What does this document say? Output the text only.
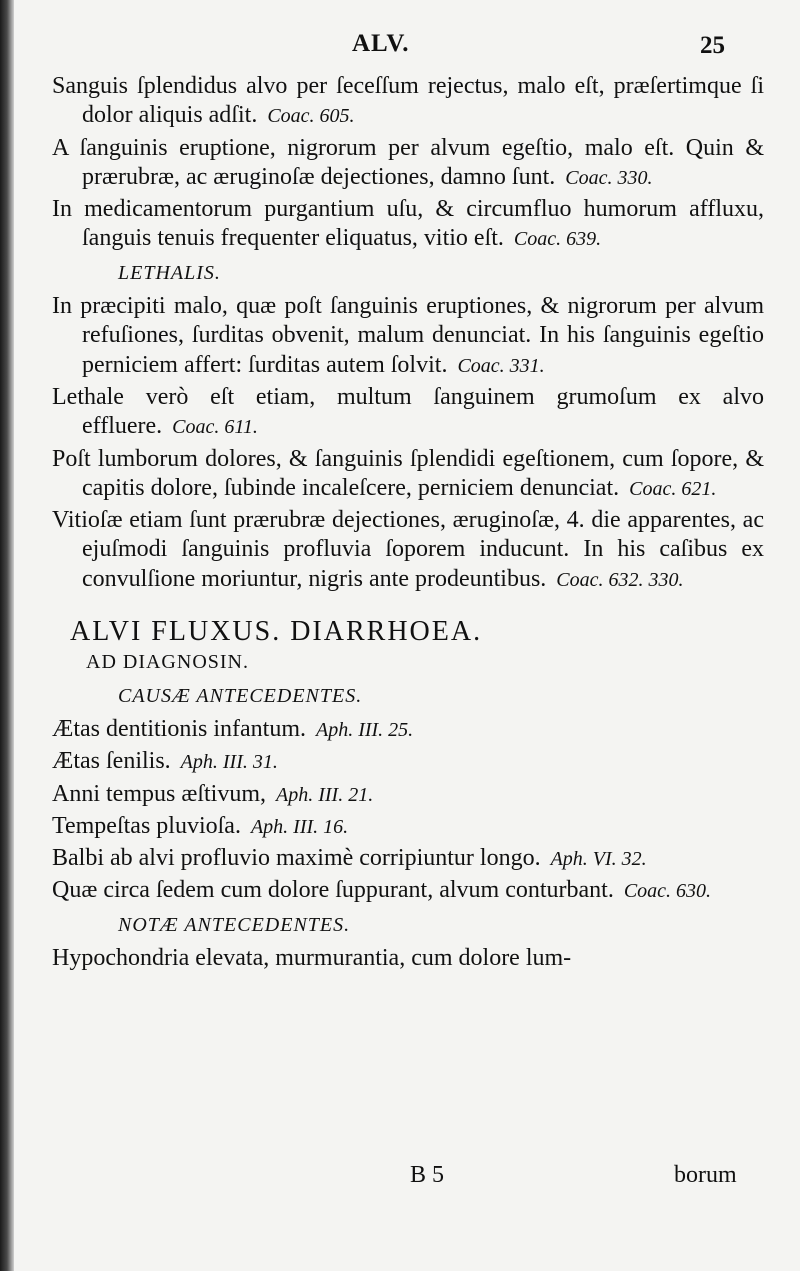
ALV.	25

Sanguis ſplendidus alvo per ſeceſſum rejectus, malo eſt, præſertimque ſi dolor aliquis adſit. Coac. 605.

A ſanguinis eruptione, nigrorum per alvum egeſtio, malo eſt. Quin & prærubræ, ac æruginoſæ dejectiones, damno ſunt. Coac. 330.

In medicamentorum purgantium uſu, & circumfluo humorum affluxu, ſanguis tenuis frequenter eliquatus, vitio eſt. Coac. 639.

LETHALIS.

In præcipiti malo, quæ poſt ſanguinis eruptiones, & nigrorum per alvum refuſiones, ſurditas obvenit, malum denunciat. In his ſanguinis egeſtio perniciem affert: ſurditas autem ſolvit. Coac. 331.

Lethale verò eſt etiam, multum ſanguinem grumoſum ex alvo effluere. Coac. 611.

Poſt lumborum dolores, & ſanguinis ſplendidi egeſtionem, cum ſopore, & capitis dolore, ſubinde incaleſcere, perniciem denunciat. Coac. 621.

Vitioſæ etiam ſunt prærubræ dejectiones, æruginoſæ, 4. die apparentes, ac ejuſmodi ſanguinis profluvia ſoporem inducunt. In his caſibus ex convulſione moriuntur, nigris ante prodeuntibus. Coac. 632. 330.

ALVI FLUXUS. DIARRHOEA.
AD DIAGNOSIN.
CAUSÆ ANTECEDENTES.

Ætas dentitionis infantum. Aph. III. 25.

Ætas ſenilis. Aph. III. 31.

Anni tempus æſtivum, Aph. III. 21.

Tempeſtas pluvioſa. Aph. III. 16.

Balbi ab alvi profluvio maximè corripiuntur longo. Aph. VI. 32.

Quæ circa ſedem cum dolore ſuppurant, alvum conturbant. Coac. 630.

NOTÆ ANTECEDENTES.

Hypochondria elevata, murmurantia, cum dolore lum-

B 5	borum
